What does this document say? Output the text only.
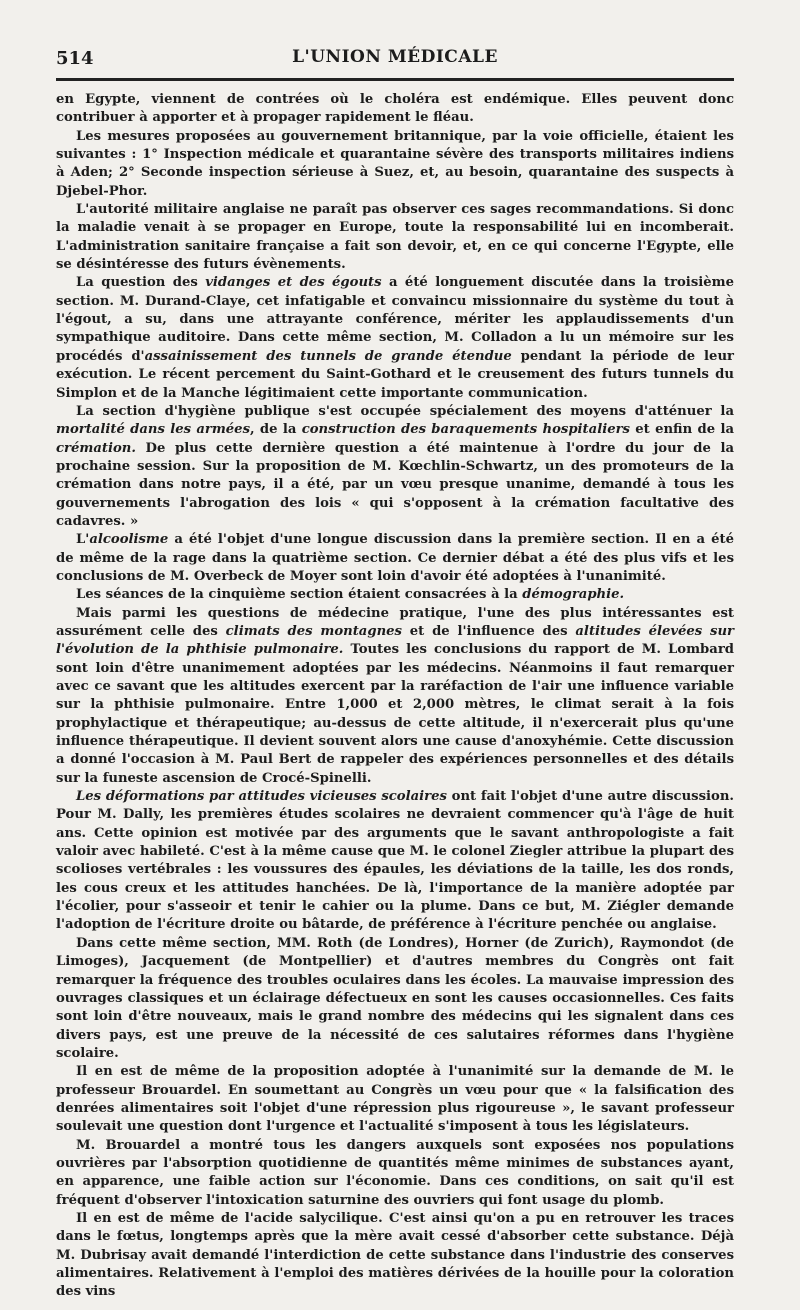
514	L'UNION MÉDICALE

en Egypte, viennent de contrées où le choléra est endémique. Elles peuvent donc contribuer à apporter et à propager rapidement le fléau.

Les mesures proposées au gouvernement britannique, par la voie officielle, étaient les suivantes : 1° Inspection médicale et quarantaine sévère des transports militaires indiens à Aden; 2° Seconde inspection sérieuse à Suez, et, au besoin, quarantaine des suspects à Djebel-Phor.

L'autorité militaire anglaise ne paraît pas observer ces sages recommandations. Si donc la maladie venait à se propager en Europe, toute la responsabilité lui en incomberait. L'administration sanitaire française a fait son devoir, et, en ce qui concerne l'Egypte, elle se désintéresse des futurs évènements.

La question des vidanges et des égouts a été longuement discutée dans la troisième section. M. Durand-Claye, cet infatigable et convaincu missionnaire du système du tout à l'égout, a su, dans une attrayante conférence, mériter les applaudissements d'un sympathique auditoire. Dans cette même section, M. Colladon a lu un mémoire sur les procédés d'assainissement des tunnels de grande étendue pendant la période de leur exécution. Le récent percement du Saint-Gothard et le creusement des futurs tunnels du Simplon et de la Manche légitimaient cette importante communication.

La section d'hygiène publique s'est occupée spécialement des moyens d'atténuer la mortalité dans les armées, de la construction des baraquements hospitaliers et enfin de la crémation. De plus cette dernière question a été maintenue à l'ordre du jour de la prochaine session. Sur la proposition de M. Kœchlin-Schwartz, un des promoteurs de la crémation dans notre pays, il a été, par un vœu presque unanime, demandé à tous les gouvernements l'abrogation des lois « qui s'opposent à la crémation facultative des cadavres. »

L'alcoolisme a été l'objet d'une longue discussion dans la première section. Il en a été de même de la rage dans la quatrième section. Ce dernier débat a été des plus vifs et les conclusions de M. Overbeck de Moyer sont loin d'avoir été adoptées à l'unanimité.

Les séances de la cinquième section étaient consacrées à la démographie.

Mais parmi les questions de médecine pratique, l'une des plus intéressantes est assurément celle des climats des montagnes et de l'influence des altitudes élevées sur l'évolution de la phthisie pulmonaire. Toutes les conclusions du rapport de M. Lombard sont loin d'être unanimement adoptées par les médecins. Néanmoins il faut remarquer avec ce savant que les altitudes exercent par la raréfaction de l'air une influence variable sur la phthisie pulmonaire. Entre 1,000 et 2,000 mètres, le climat serait à la fois prophylactique et thérapeutique; au-dessus de cette altitude, il n'exercerait plus qu'une influence thérapeutique. Il devient souvent alors une cause d'anoxyhémie. Cette discussion a donné l'occasion à M. Paul Bert de rappeler des expériences personnelles et des détails sur la funeste ascension de Crocé-Spinelli.

Les déformations par attitudes vicieuses scolaires ont fait l'objet d'une autre discussion. Pour M. Dally, les premières études scolaires ne devraient commencer qu'à l'âge de huit ans. Cette opinion est motivée par des arguments que le savant anthropologiste a fait valoir avec habileté. C'est à la même cause que M. le colonel Ziegler attribue la plupart des scolioses vertébrales : les voussures des épaules, les déviations de la taille, les dos ronds, les cous creux et les attitudes hanchées. De là, l'importance de la manière adoptée par l'écolier, pour s'asseoir et tenir le cahier ou la plume. Dans ce but, M. Ziégler demande l'adoption de l'écriture droite ou bâtarde, de préférence à l'écriture penchée ou anglaise.

Dans cette même section, MM. Roth (de Londres), Horner (de Zurich), Raymondot (de Limoges), Jacquement (de Montpellier) et d'autres membres du Congrès ont fait remarquer la fréquence des troubles oculaires dans les écoles. La mauvaise impression des ouvrages classiques et un éclairage défectueux en sont les causes occasionnelles. Ces faits sont loin d'être nouveaux, mais le grand nombre des médecins qui les signalent dans ces divers pays, est une preuve de la nécessité de ces salutaires réformes dans l'hygiène scolaire.

Il en est de même de la proposition adoptée à l'unanimité sur la demande de M. le professeur Brouardel. En soumettant au Congrès un vœu pour que « la falsification des denrées alimentaires soit l'objet d'une répression plus rigoureuse », le savant professeur soulevait une question dont l'urgence et l'actualité s'imposent à tous les législateurs.

M. Brouardel a montré tous les dangers auxquels sont exposées nos populations ouvrières par l'absorption quotidienne de quantités même minimes de substances ayant, en apparence, une faible action sur l'économie. Dans ces conditions, on sait qu'il est fréquent d'observer l'intoxication saturnine des ouvriers qui font usage du plomb.

Il en est de même de l'acide salycilique. C'est ainsi qu'on a pu en retrouver les traces dans le fœtus, longtemps après que la mère avait cessé d'absorber cette substance. Déjà M. Dubrisay avait demandé l'interdiction de cette substance dans l'industrie des conserves alimentaires. Relativement à l'emploi des matières dérivées de la houille pour la coloration des vins
